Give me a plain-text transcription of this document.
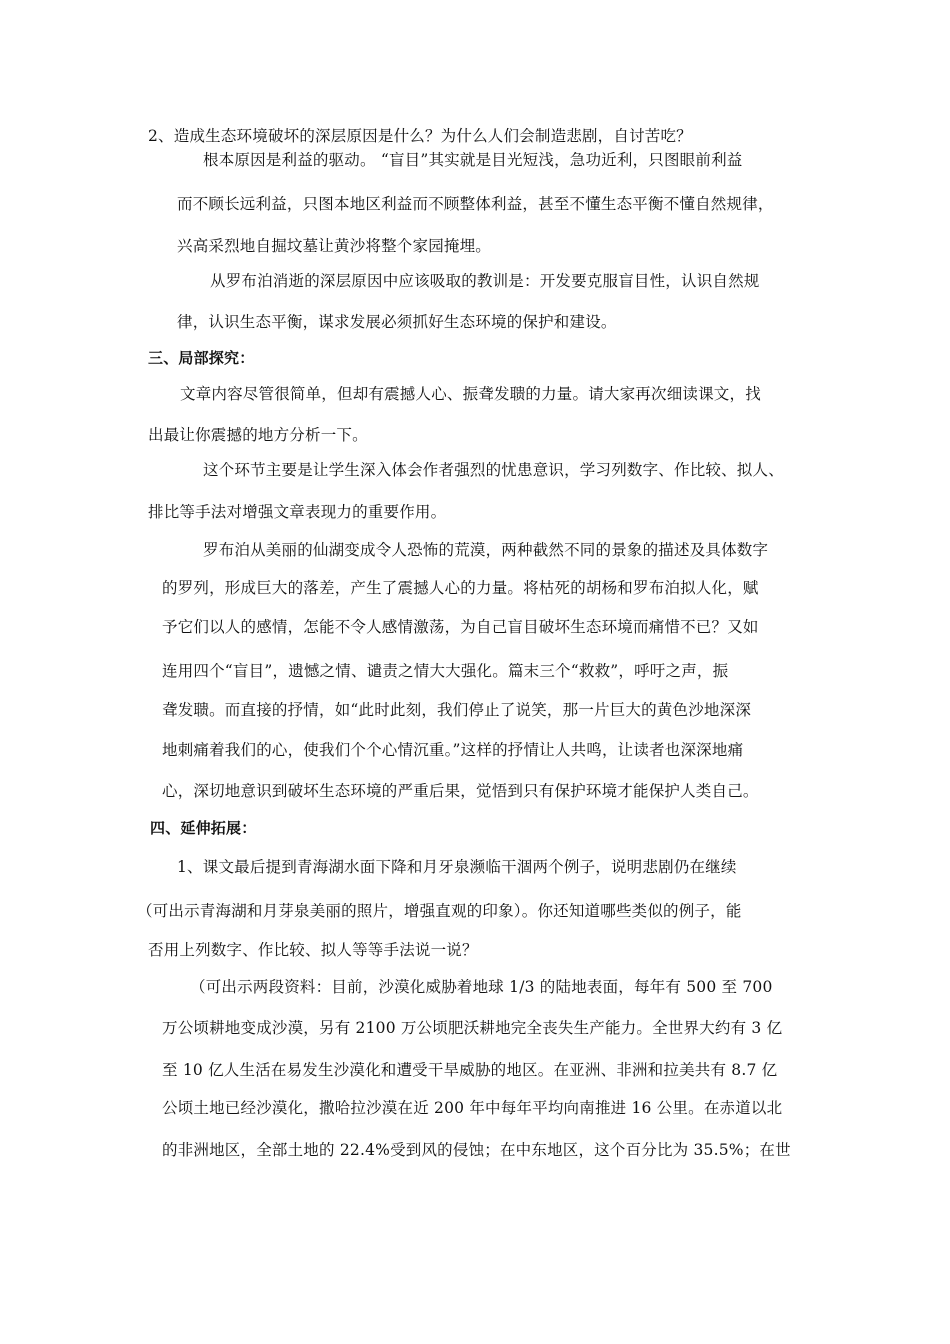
2、造成生态环境破坏的深层原因是什么？为什么人们会制造悲剧，自讨苦吃？
根本原因是利益的驱动。 “盲目”其实就是目光短浅，急功近利，只图眼前利益
而不顾长远利益，只图本地区利益而不顾整体利益，甚至不懂生态平衡不懂自然规律，
兴高采烈地自掘坟墓让黄沙将整个家园掩埋。
从罗布泊消逝的深层原因中应该吸取的教训是：开发要克服盲目性，认识自然规
律，认识生态平衡，谋求发展必须抓好生态环境的保护和建设。
三、局部探究：
文章内容尽管很简单，但却有震撼人心、振聋发聩的力量。请大家再次细读课文，找
出最让你震撼的地方分析一下。
这个环节主要是让学生深入体会作者强烈的忧患意识，学习列数字、作比较、拟人、
排比等手法对增强文章表现力的重要作用。
罗布泊从美丽的仙湖变成令人恐怖的荒漠，两种截然不同的景象的描述及具体数字
的罗列，形成巨大的落差，产生了震撼人心的力量。将枯死的胡杨和罗布泊拟人化，赋
予它们以人的感情，怎能不令人感情激荡，为自己盲目破坏生态环境而痛惜不已？又如
连用四个“盲目”，遗憾之情、谴责之情大大强化。篇末三个“救救”，呼吁之声，振
聋发聩。而直接的抒情，如“此时此刻，我们停止了说笑，那一片巨大的黄色沙地深深
地刺痛着我们的心，使我们个个心情沉重。”这样的抒情让人共鸣，让读者也深深地痛
心，深切地意识到破坏生态环境的严重后果，觉悟到只有保护环境才能保护人类自己。
四、延伸拓展：
1、课文最后提到青海湖水面下降和月牙泉濒临干涸两个例子，说明悲剧仍在继续
（可出示青海湖和月芽泉美丽的照片，增强直观的印象）。你还知道哪些类似的例子，能
否用上列数字、作比较、拟人等等手法说一说？
（可出示两段资料：目前，沙漠化威胁着地球 1/3 的陆地表面，每年有 500 至 700
万公顷耕地变成沙漠，另有 2100 万公顷肥沃耕地完全丧失生产能力。全世界大约有 3 亿
至 10 亿人生活在易发生沙漠化和遭受干旱威胁的地区。在亚洲、非洲和拉美共有 8.7 亿
公顷土地已经沙漠化，撒哈拉沙漠在近 200 年中每年平均向南推进 16 公里。在赤道以北
的非洲地区，全部土地的 22.4%受到风的侵蚀；在中东地区，这个百分比为 35.5%；在世
